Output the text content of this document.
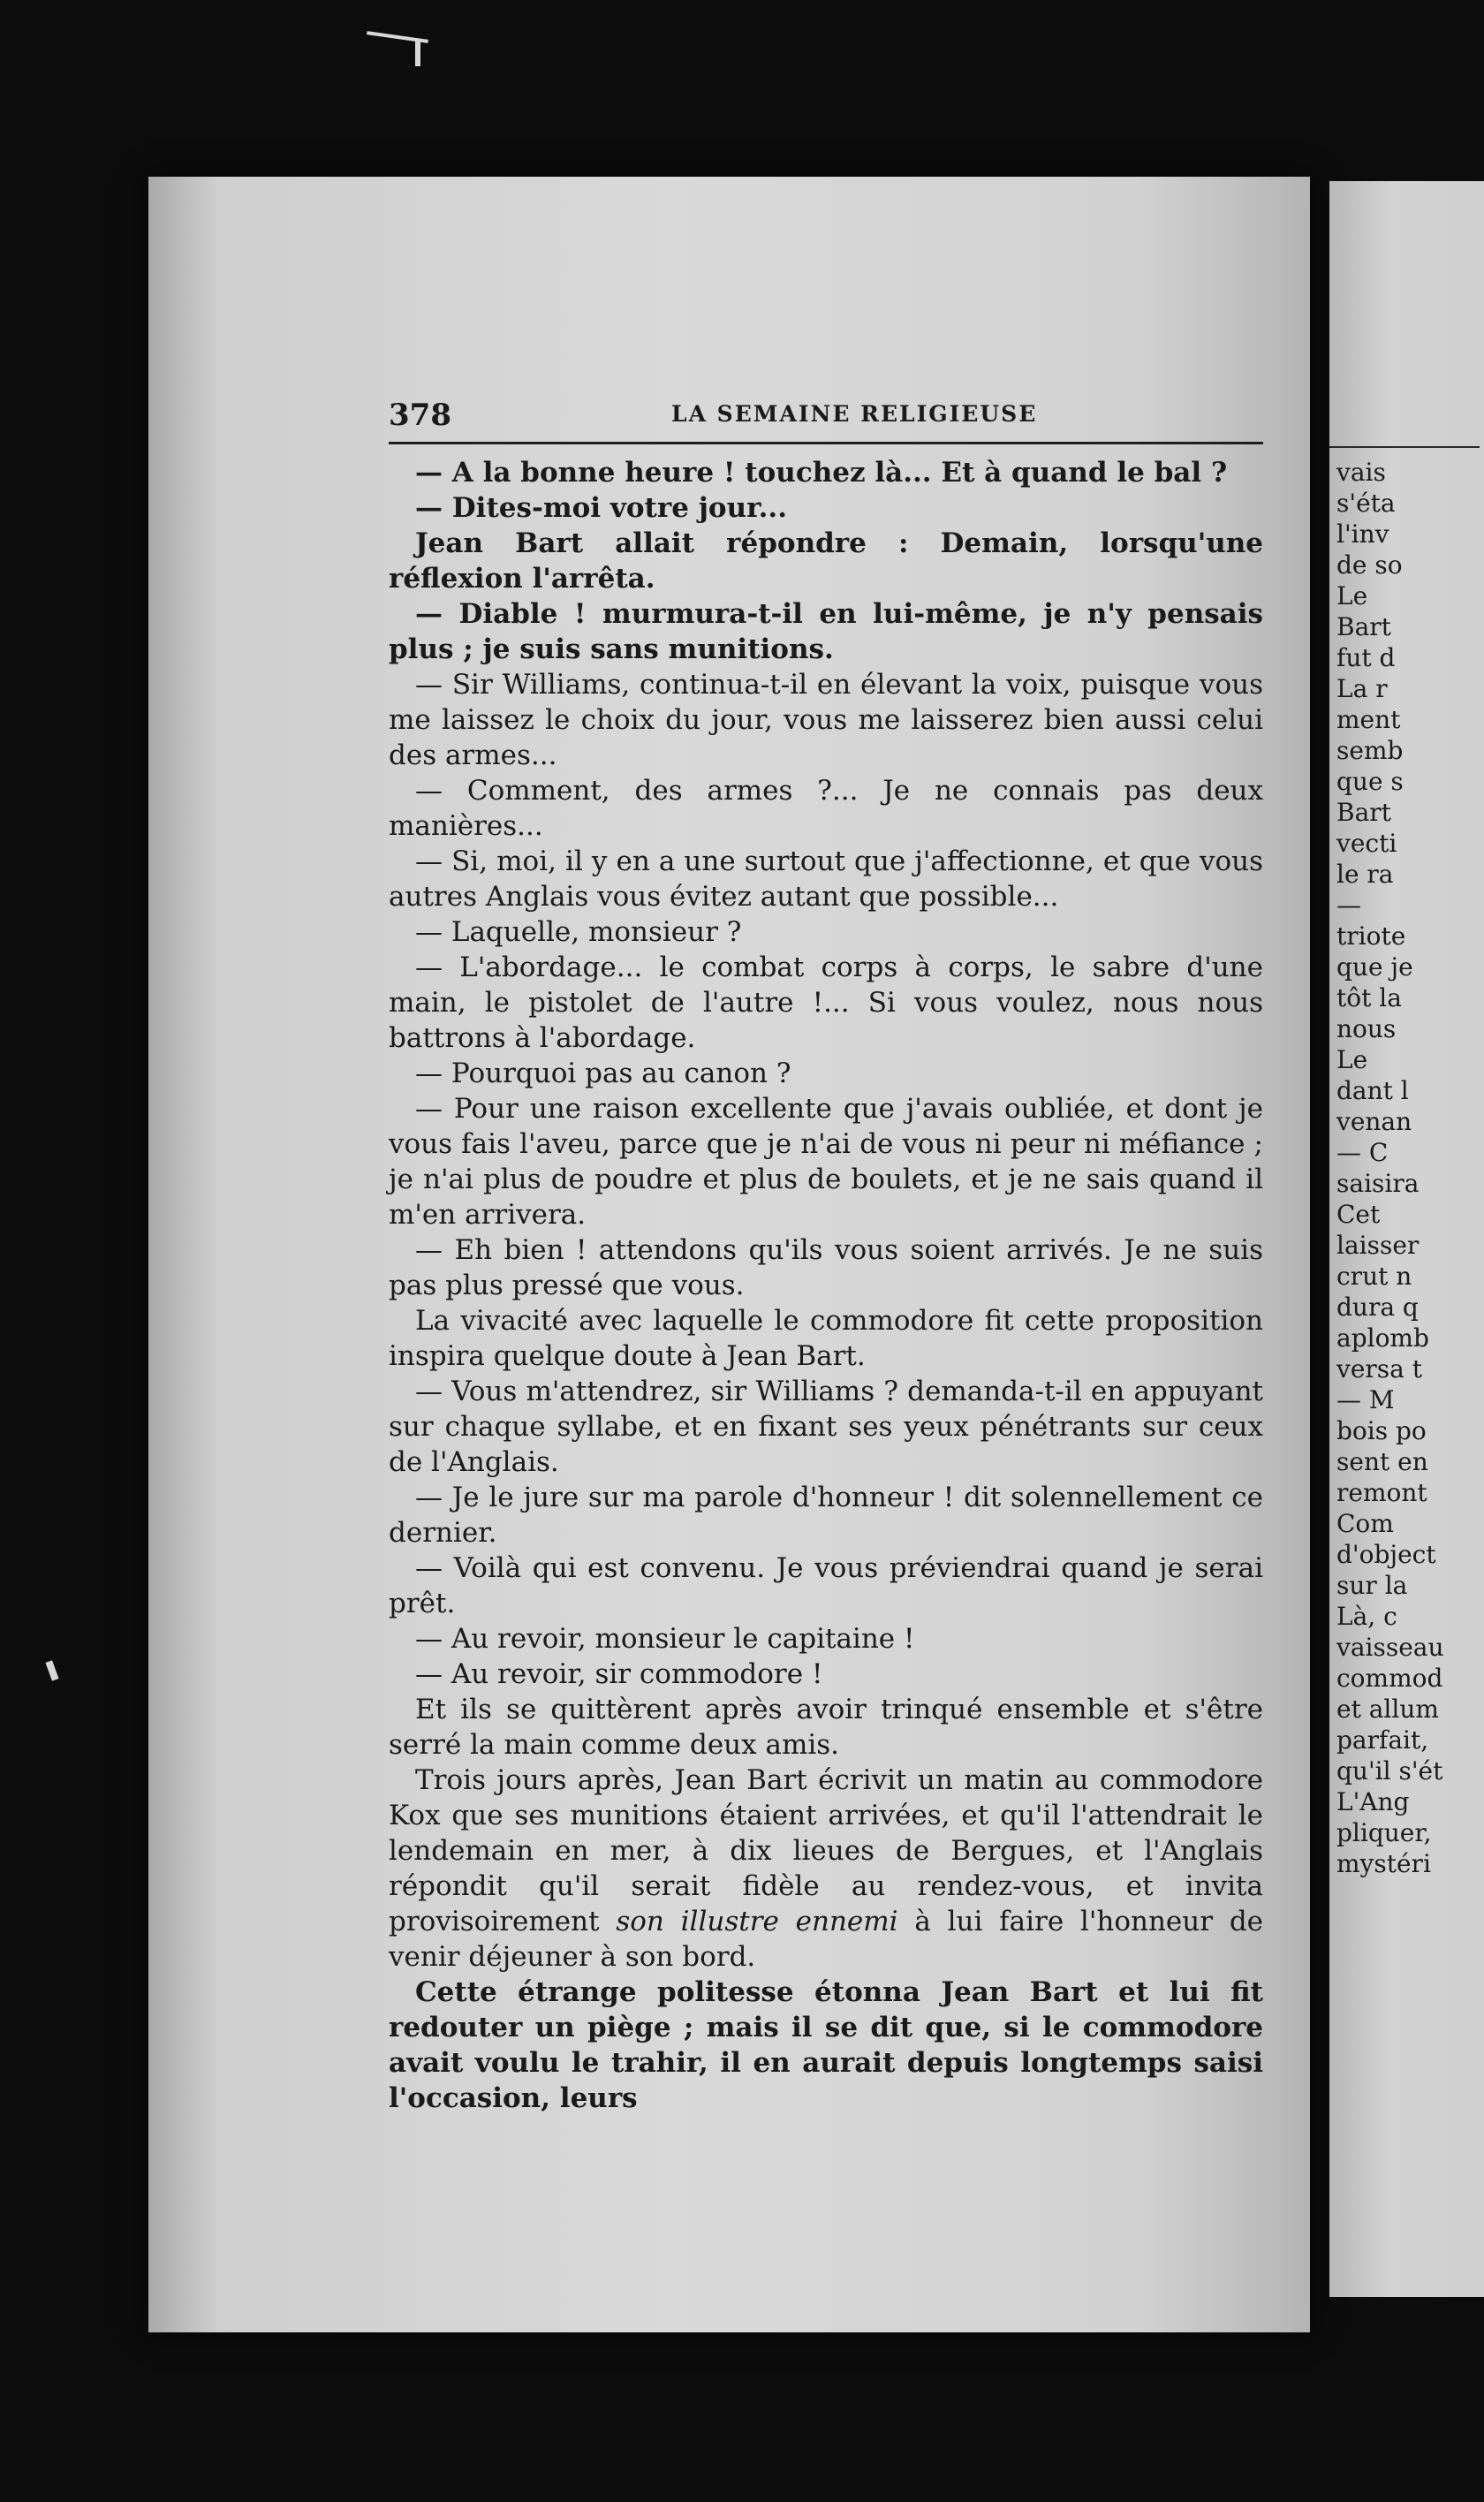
vais
s'éta
l'inv
de so
Le
Bart
fut d
La r
ment
semb
que s
Bart
vecti
le ra
—
triote
que je
tôt la
nous
Le
dant l
venan
— C
saisira
Cet
laisser
crut n
dura q
aplomb
versa t
— M
bois po
sent en
remont
Com
d'object
sur la
Là, c
vaisseau
commod
et allum
parfait,
qu'il s'ét
L'Ang
pliquer,
mystéri
378	LA SEMAINE RELIGIEUSE

— A la bonne heure ! touchez là... Et à quand le bal ?

— Dites-moi votre jour...

Jean Bart allait répondre : Demain, lorsqu'une réflexion l'arrêta.

— Diable ! murmura-t-il en lui-même, je n'y pensais plus ; je suis sans munitions.

— Sir Williams, continua-t-il en élevant la voix, puisque vous me laissez le choix du jour, vous me laisserez bien aussi celui des armes...

— Comment, des armes ?... Je ne connais pas deux manières...

— Si, moi, il y en a une surtout que j'affectionne, et que vous autres Anglais vous évitez autant que possible...

— Laquelle, monsieur ?

— L'abordage... le combat corps à corps, le sabre d'une main, le pistolet de l'autre !... Si vous voulez, nous nous battrons à l'abordage.

— Pourquoi pas au canon ?

— Pour une raison excellente que j'avais oubliée, et dont je vous fais l'aveu, parce que je n'ai de vous ni peur ni méfiance ; je n'ai plus de poudre et plus de boulets, et je ne sais quand il m'en arrivera.

— Eh bien ! attendons qu'ils vous soient arrivés. Je ne suis pas plus pressé que vous.

La vivacité avec laquelle le commodore fit cette proposition inspira quelque doute à Jean Bart.

— Vous m'attendrez, sir Williams ? demanda-t-il en appuyant sur chaque syllabe, et en fixant ses yeux pénétrants sur ceux de l'Anglais.

— Je le jure sur ma parole d'honneur ! dit solennellement ce dernier.

— Voilà qui est convenu. Je vous préviendrai quand je serai prêt.

— Au revoir, monsieur le capitaine !

— Au revoir, sir commodore !

Et ils se quittèrent après avoir trinqué ensemble et s'être serré la main comme deux amis.

Trois jours après, Jean Bart écrivit un matin au commodore Kox que ses munitions étaient arrivées, et qu'il l'attendrait le lendemain en mer, à dix lieues de Bergues, et l'Anglais répondit qu'il serait fidèle au rendez-vous, et invita provisoirement son illustre ennemi à lui faire l'honneur de venir déjeuner à son bord.

Cette étrange politesse étonna Jean Bart et lui fit redouter un piège ; mais il se dit que, si le commodore avait voulu le trahir, il en aurait depuis longtemps saisi l'occasion, leurs
